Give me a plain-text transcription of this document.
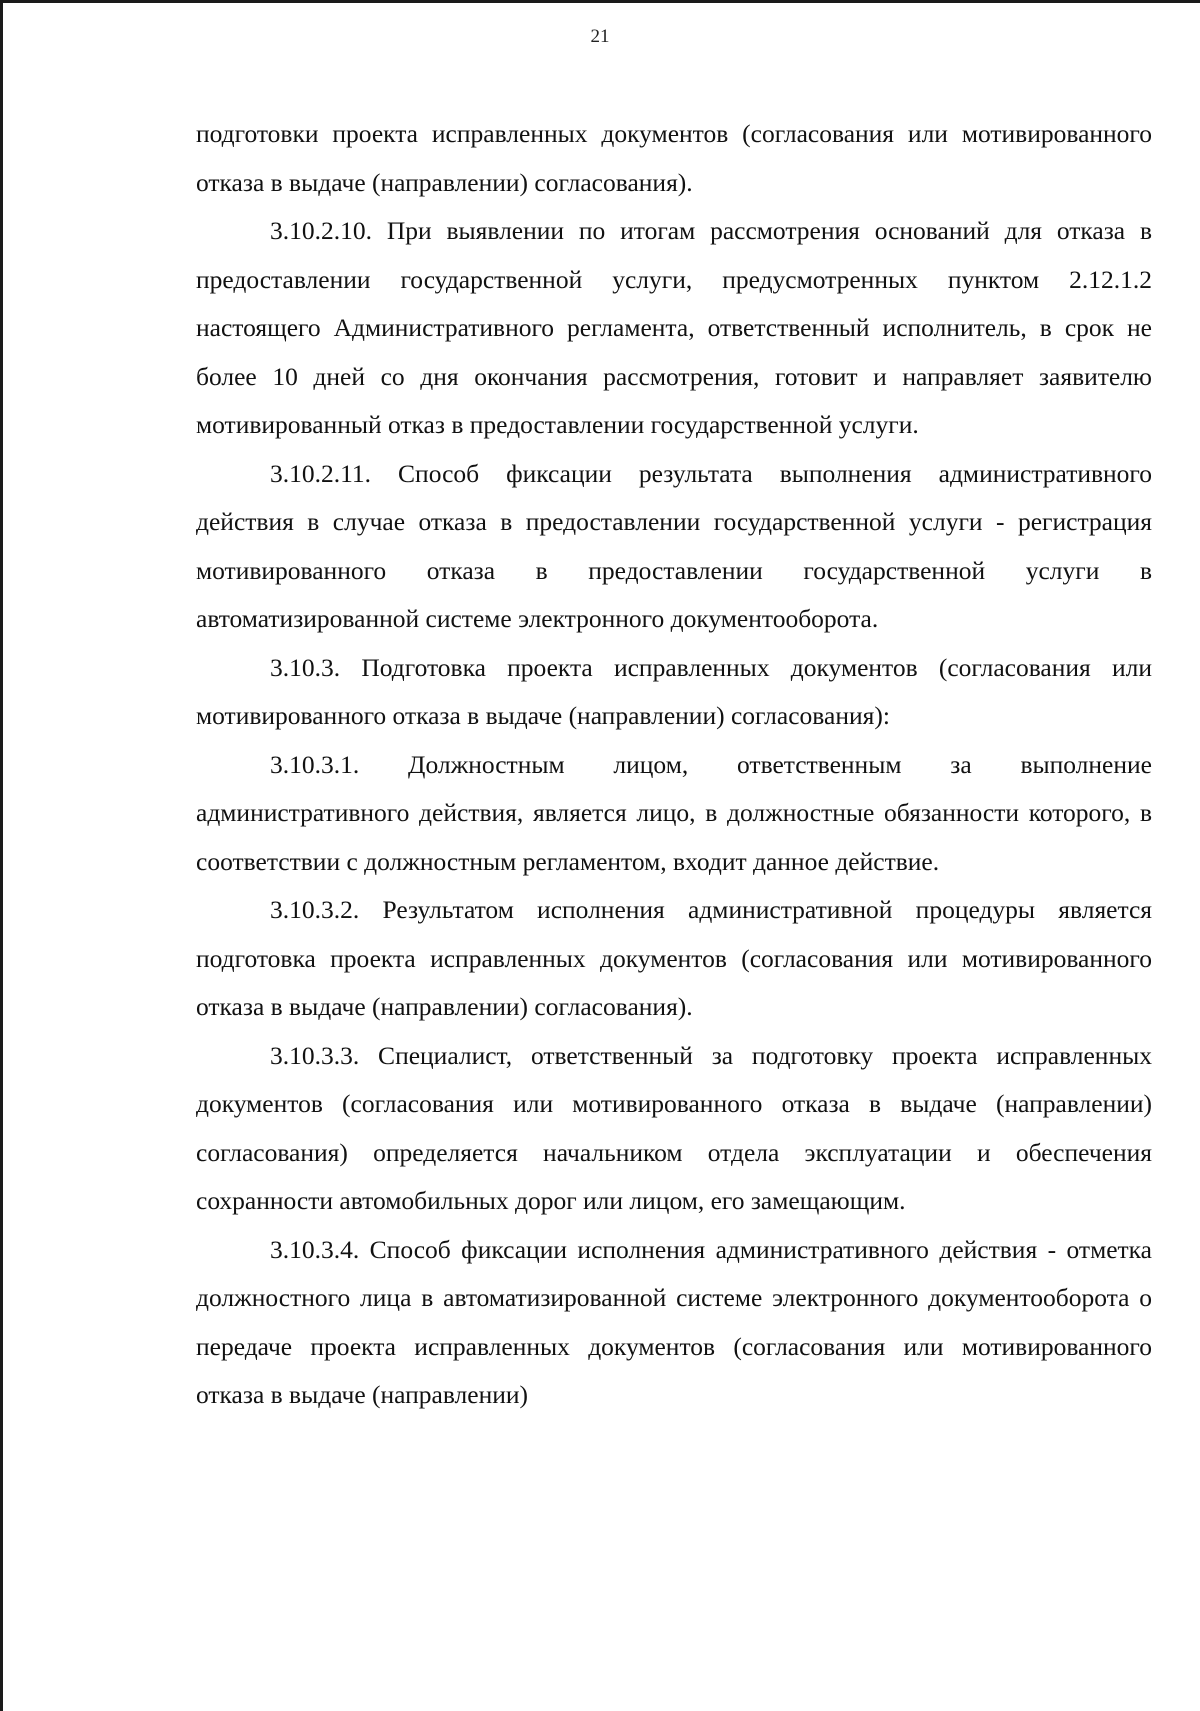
21

подготовки проекта исправленных документов (согласования или мотивированного отказа в выдаче (направлении) согласования).

3.10.2.10. При выявлении по итогам рассмотрения оснований для отказа в предоставлении государственной услуги, предусмотренных пунктом 2.12.1.2 настоящего Административного регламента, ответственный исполнитель, в срок не более 10 дней со дня окончания рассмотрения, готовит и направляет заявителю мотивированный отказ в предоставлении государственной услуги.

3.10.2.11. Способ фиксации результата выполнения административного действия в случае отказа в предоставлении государственной услуги - регистрация мотивированного отказа в предоставлении государственной услуги в автоматизированной системе электронного документооборота.

3.10.3. Подготовка проекта исправленных документов (согласования или мотивированного отказа в выдаче (направлении) согласования):

3.10.3.1. Должностным лицом, ответственным за выполнение административного действия, является лицо, в должностные обязанности которого, в соответствии с должностным регламентом, входит данное действие.

3.10.3.2. Результатом исполнения административной процедуры является подготовка проекта исправленных документов (согласования или мотивированного отказа в выдаче (направлении) согласования).

3.10.3.3. Специалист, ответственный за подготовку проекта исправленных документов (согласования или мотивированного отказа в выдаче (направлении) согласования) определяется начальником отдела эксплуатации и обеспечения сохранности автомобильных дорог или лицом, его замещающим.

3.10.3.4. Способ фиксации исполнения административного действия - отметка должностного лица в автоматизированной системе электронного документооборота о передаче проекта исправленных документов (согласования или мотивированного отказа в выдаче (направлении)
